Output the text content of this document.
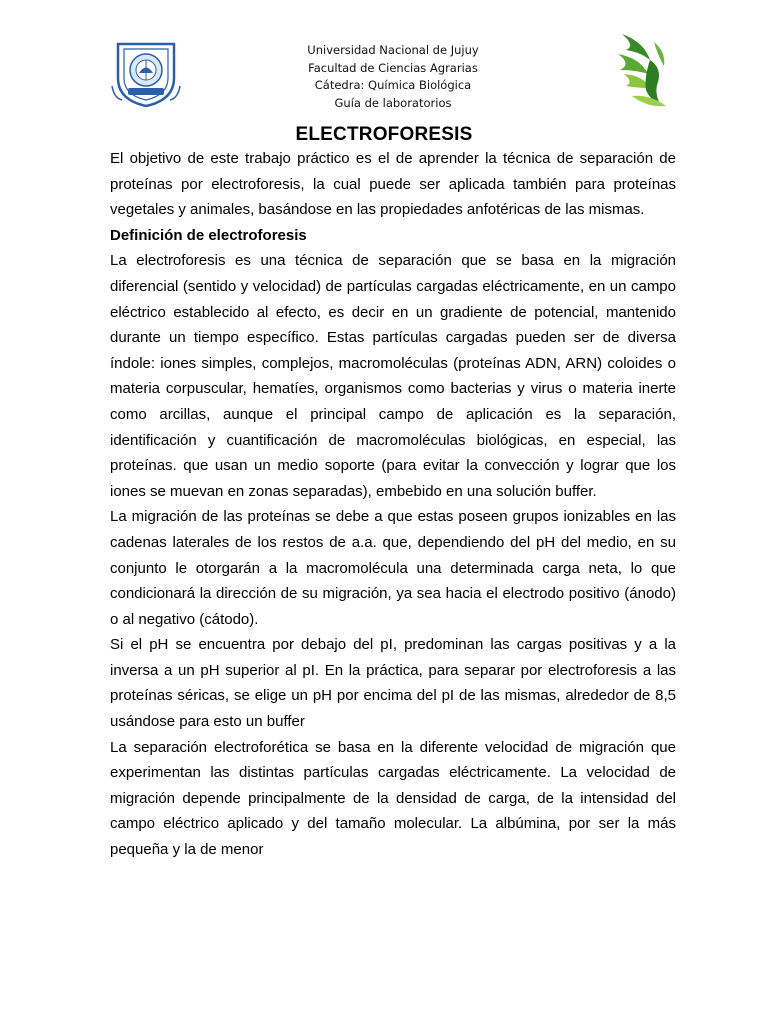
Universidad Nacional de Jujuy
Facultad de Ciencias Agrarias
Cátedra: Química Biológica
Guía de laboratorios
ELECTROFORESIS

El objetivo de este trabajo práctico es el de aprender la técnica de separación de proteínas por electroforesis, la cual puede ser aplicada también para proteínas vegetales y animales, basándose en las propiedades anfotéricas de las mismas.

Definición de electroforesis

La electroforesis es una técnica de separación que se basa en la migración diferencial (sentido y velocidad) de partículas cargadas eléctricamente, en un campo eléctrico establecido al efecto, es decir en un gradiente de potencial, mantenido durante un tiempo específico. Estas partículas cargadas pueden ser de diversa índole: iones simples, complejos, macromoléculas (proteínas ADN, ARN) coloides o materia corpuscular, hematíes, organismos como bacterias y virus o materia inerte como arcillas, aunque el principal campo de aplicación es la separación, identificación y cuantificación de macromoléculas biológicas, en especial, las proteínas. que usan un medio soporte (para evitar la convección y lograr que los iones se muevan en zonas separadas), embebido en una solución buffer.

La migración de las proteínas se debe a que estas poseen grupos ionizables en las cadenas laterales de los restos de a.a. que, dependiendo del pH del medio, en su conjunto le otorgarán a la macromolécula una determinada carga neta, lo que condicionará la dirección de su migración, ya sea hacia el electrodo positivo (ánodo) o al negativo (cátodo).

Si el pH se encuentra por debajo del pI, predominan las cargas positivas y a la inversa a un pH superior al pI. En la práctica, para separar por electroforesis a las proteínas séricas, se elige un pH por encima del pI de las mismas, alrededor de 8,5 usándose para esto un buffer

La separación electroforética se basa en la diferente velocidad de migración que experimentan las distintas partículas cargadas eléctricamente. La velocidad de migración depende principalmente de la densidad de carga, de la intensidad del campo eléctrico aplicado y del tamaño molecular. La albúmina, por ser la más pequeña y la de menor
